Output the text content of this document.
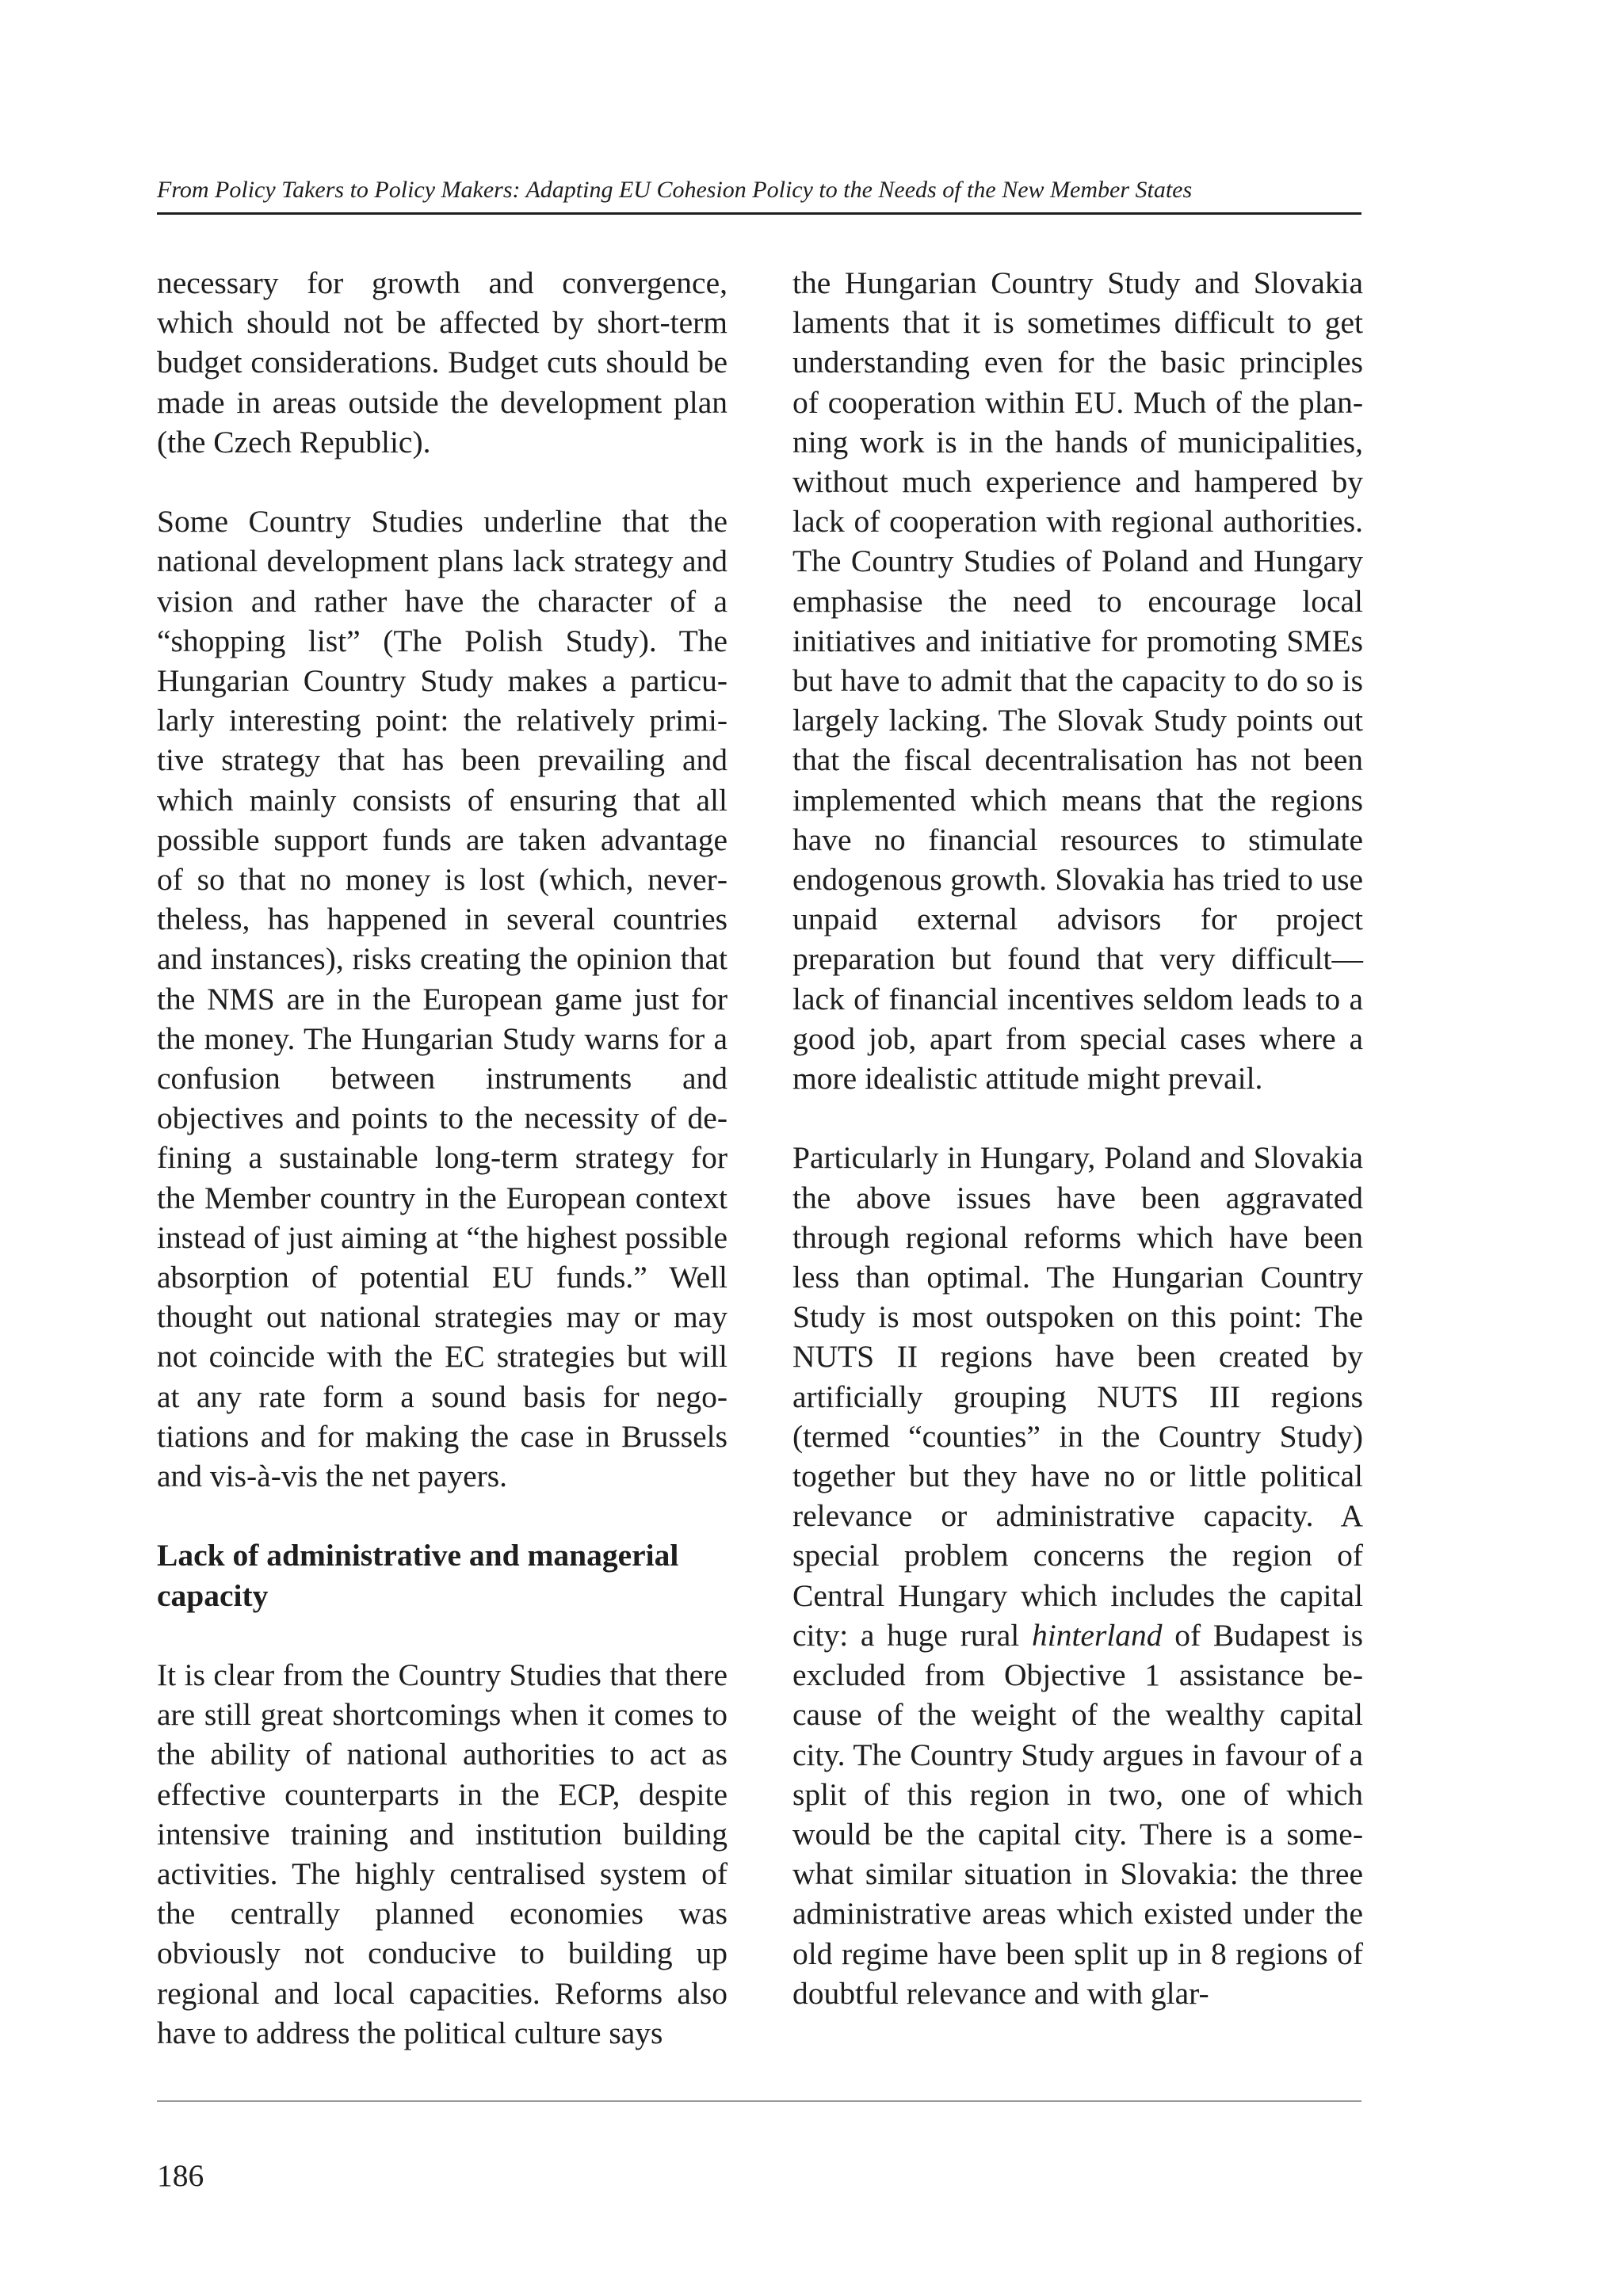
From Policy Takers to Policy Makers: Adapting EU Cohesion Policy to the Needs of the New Member States

necessary for growth and convergence, which should not be affected by short-term budget considerations. Budget cuts should be made in areas outside the development plan (the Czech Republic).

Some Country Studies underline that the national development plans lack strategy and vision and rather have the character of a “shopping list” (The Polish Study). The Hungarian Country Study makes a particularly interesting point: the relatively primitive strategy that has been prevailing and which mainly consists of ensuring that all possible support funds are taken advantage of so that no money is lost (which, nevertheless, has happened in several countries and instances), risks creating the opinion that the NMS are in the European game just for the money. The Hungarian Study warns for a confusion between instruments and objectives and points to the necessity of defining a sustainable long-term strategy for the Member country in the European context instead of just aiming at “the highest possible absorption of potential EU funds.” Well thought out national strategies may or may not coincide with the EC strategies but will at any rate form a sound basis for negotiations and for making the case in Brussels and vis-à-vis the net payers.

Lack of administrative and managerial capacity

It is clear from the Country Studies that there are still great shortcomings when it comes to the ability of national authorities to act as effective counterparts in the ECP, despite intensive training and institution building activities. The highly centralised system of the centrally planned economies was obviously not conducive to building up regional and local capacities. Reforms also have to address the political culture says

the Hungarian Country Study and Slovakia laments that it is sometimes difficult to get understanding even for the basic principles of cooperation within EU. Much of the planning work is in the hands of municipalities, without much experience and hampered by lack of cooperation with regional authorities. The Country Studies of Poland and Hungary emphasise the need to encourage local initiatives and initiative for promoting SMEs but have to admit that the capacity to do so is largely lacking. The Slovak Study points out that the fiscal decentralisation has not been implemented which means that the regions have no financial resources to stimulate endogenous growth. Slovakia has tried to use unpaid external advisors for project preparation but found that very difficult—lack of financial incentives seldom leads to a good job, apart from special cases where a more idealistic attitude might prevail.

Particularly in Hungary, Poland and Slovakia the above issues have been aggravated through regional reforms which have been less than optimal. The Hungarian Country Study is most outspoken on this point: The NUTS II regions have been created by artificially grouping NUTS III regions (termed “counties” in the Country Study) together but they have no or little political relevance or administrative capacity. A special problem concerns the region of Central Hungary which includes the capital city: a huge rural hinterland of Budapest is excluded from Objective 1 assistance because of the weight of the wealthy capital city. The Country Study argues in favour of a split of this region in two, one of which would be the capital city. There is a somewhat similar situation in Slovakia: the three administrative areas which existed under the old regime have been split up in 8 regions of doubtful relevance and with glar-

186
